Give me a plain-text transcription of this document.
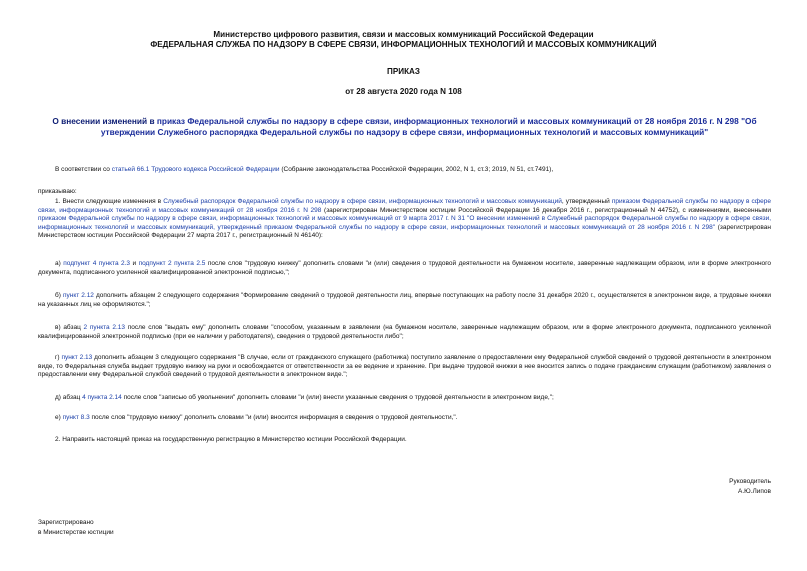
Министерство цифрового развития, связи и массовых коммуникаций Российской Федерации
ФЕДЕРАЛЬНАЯ СЛУЖБА ПО НАДЗОРУ В СФЕРЕ СВЯЗИ, ИНФОРМАЦИОННЫХ ТЕХНОЛОГИЙ И МАССОВЫХ КОММУНИКАЦИЙ
ПРИКАЗ
от 28 августа 2020 года N 108
О внесении изменений в приказ Федеральной службы по надзору в сфере связи, информационных технологий и массовых коммуникаций от 28 ноября 2016 г. N 298 "Об утверждении Служебного распорядка Федеральной службы по надзору в сфере связи, информационных технологий и массовых коммуникаций"
В соответствии со статьей 66.1 Трудового кодекса Российской Федерации (Собрание законодательства Российской Федерации, 2002, N 1, ст.3; 2019, N 51, ст.7491),
приказываю:
1. Внести следующие изменения в Служебный распорядок Федеральной службы по надзору в сфере связи, информационных технологий и массовых коммуникаций, утвержденный приказом Федеральной службы по надзору в сфере связи, информационных технологий и массовых коммуникаций от 28 ноября 2016 г. N 298 (зарегистрирован Министерством юстиции Российской Федерации 16 декабря 2016 г., регистрационный N 44752), с изменениями, внесенными приказом Федеральной службы по надзору в сфере связи, информационных технологий и массовых коммуникаций от 9 марта 2017 г. N 31 "О внесении изменений в Служебный распорядок Федеральной службы по надзору в сфере связи, информационных технологий и массовых коммуникаций, утвержденный приказом Федеральной службы по надзору в сфере связи, информационных технологий и массовых коммуникаций от 28 ноября 2016 г. N 298" (зарегистрирован Министерством юстиции Российской Федерации 27 марта 2017 г., регистрационный N 46140):
а) подпункт 4 пункта 2.3 и подпункт 2 пункта 2.5 после слов "трудовую книжку" дополнить словами "и (или) сведения о трудовой деятельности на бумажном носителе, заверенные надлежащим образом, или в форме электронного документа, подписанного усиленной квалифицированной электронной подписью,";
б) пункт 2.12 дополнить абзацем 2 следующего содержания "Формирование сведений о трудовой деятельности лиц, впервые поступающих на работу после 31 декабря 2020 г., осуществляется в электронном виде, а трудовые книжки на указанных лиц не оформляются.";
в) абзац 2 пункта 2.13 после слов "выдать ему" дополнить словами "способом, указанным в заявлении (на бумажном носителе, заверенные надлежащим образом, или в форме электронного документа, подписанного усиленной квалифицированной электронной подписью (при ее наличии у работодателя), сведения о трудовой деятельности либо";
г) пункт 2.13 дополнить абзацем 3 следующего содержания "В случае, если от гражданского служащего (работника) поступило заявление о предоставлении ему Федеральной службой сведений о трудовой деятельности в электронном виде, то Федеральная служба выдает трудовую книжку на руки и освобождается от ответственности за ее ведение и хранение. При выдаче трудовой книжки в нее вносится запись о подаче гражданским служащим (работником) заявления о предоставлении ему Федеральной службой сведений о трудовой деятельности в электронном виде.";
д) абзац 4 пункта 2.14 после слов "записью об увольнении" дополнить словами "и (или) внести указанные сведения о трудовой деятельности в электронном виде,";
е) пункт 8.3 после слов "трудовую книжку" дополнить словами "и (или) вносится информация в сведения о трудовой деятельности,".
2. Направить настоящий приказ на государственную регистрацию в Министерство юстиции Российской Федерации.
Руководитель
А.Ю.Липов
Зарегистрировано
в Министерстве юстиции
